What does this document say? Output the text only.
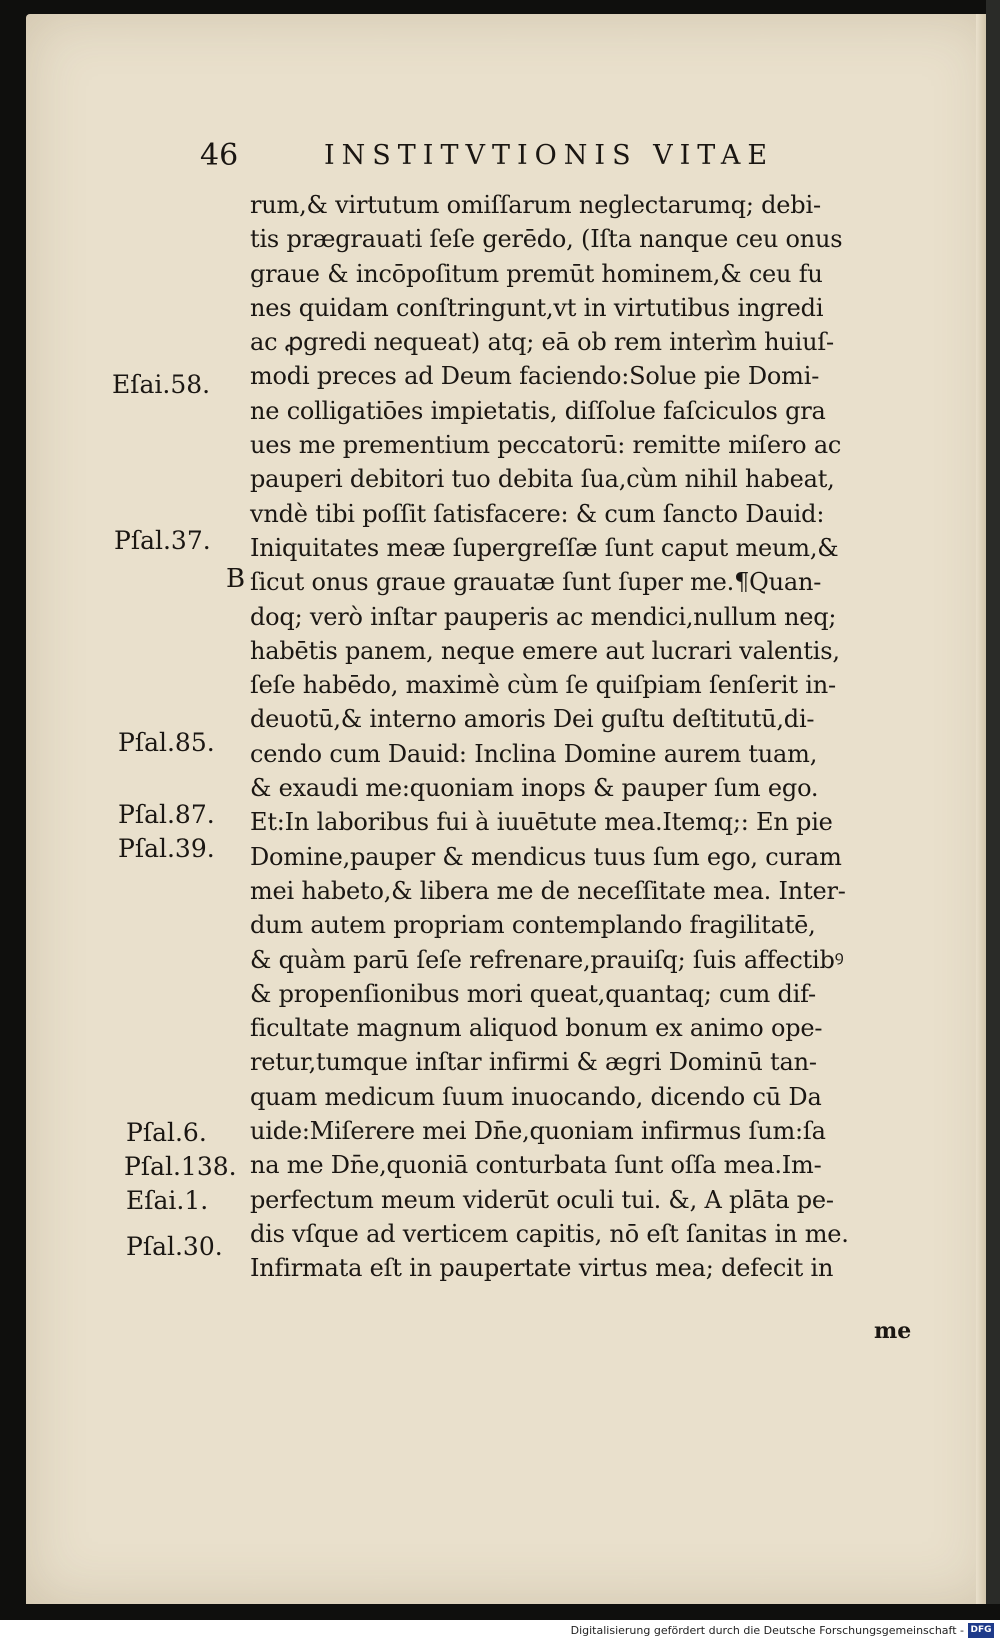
46	INSTITVTIONIS VITAE
Eſai.58.
Pſal.37.
B
Pſal.85.
Pſal.87.
Pſal.39.
Pſal.6.
Pſal.138.
Eſai.1.
Pſal.30.
rum,& virtutum omiſſarum neglectarumq; debi-
tis prægrauati ſeſe gerēdo, (Iſta nanque ceu onus
graue & incōpoſitum premūt hominem,& ceu fu
nes quidam conſtringunt,vt in virtutibus ingredi
ac ꝓgredi nequeat) atq; eā ob rem interìm huiuſ-
modi preces ad Deum faciendo:Solue pie Domi-
ne colligatiōes impietatis, diſſolue faſciculos gra
ues me prementium peccatorū: remitte miſero ac
pauperi debitori tuo debita ſua,cùm nihil habeat,
vndè tibi poſſit ſatisfacere: & cum ſancto Dauid:
Iniquitates meæ ſupergreſſæ ſunt caput meum,&
ſicut onus graue grauatæ ſunt ſuper me.¶Quan-
doq; verò inſtar pauperis ac mendici,nullum neq;
habētis panem, neque emere aut lucrari valentis,
ſeſe habēdo, maximè cùm ſe quiſpiam ſenſerit in-
deuotū,& interno amoris Dei guſtu deſtitutū,di-
cendo cum Dauid: Inclina Domine aurem tuam,
& exaudi me:quoniam inops & pauper ſum ego.
Et:In laboribus fui à iuuētute mea.Itemq;: En pie
Domine,pauper & mendicus tuus ſum ego, curam
mei habeto,& libera me de neceſſitate mea. Inter-
dum autem propriam contemplando fragilitatē,
& quàm parū ſeſe refrenare,prauiſq; ſuis affectibꝰ
& propenſionibus mori queat,quantaq; cum dif-
ficultate magnum aliquod bonum ex animo ope-
retur,tumque inſtar infirmi & ægri Dominū tan-
quam medicum ſuum inuocando, dicendo cū Da
uide:Miſerere mei Dn̄e,quoniam infirmus ſum:ſa
na me Dn̄e,quoniā conturbata ſunt oſſa mea.Im-
perfectum meum viderūt oculi tui. &, A plāta pe-
dis vſque ad verticem capitis, nō eſt ſanitas in me.
Infirmata eſt in paupertate virtus mea; defecit in
me
Digitalisierung gefördert durch die Deutsche Forschungsgemeinschaft - DFG
